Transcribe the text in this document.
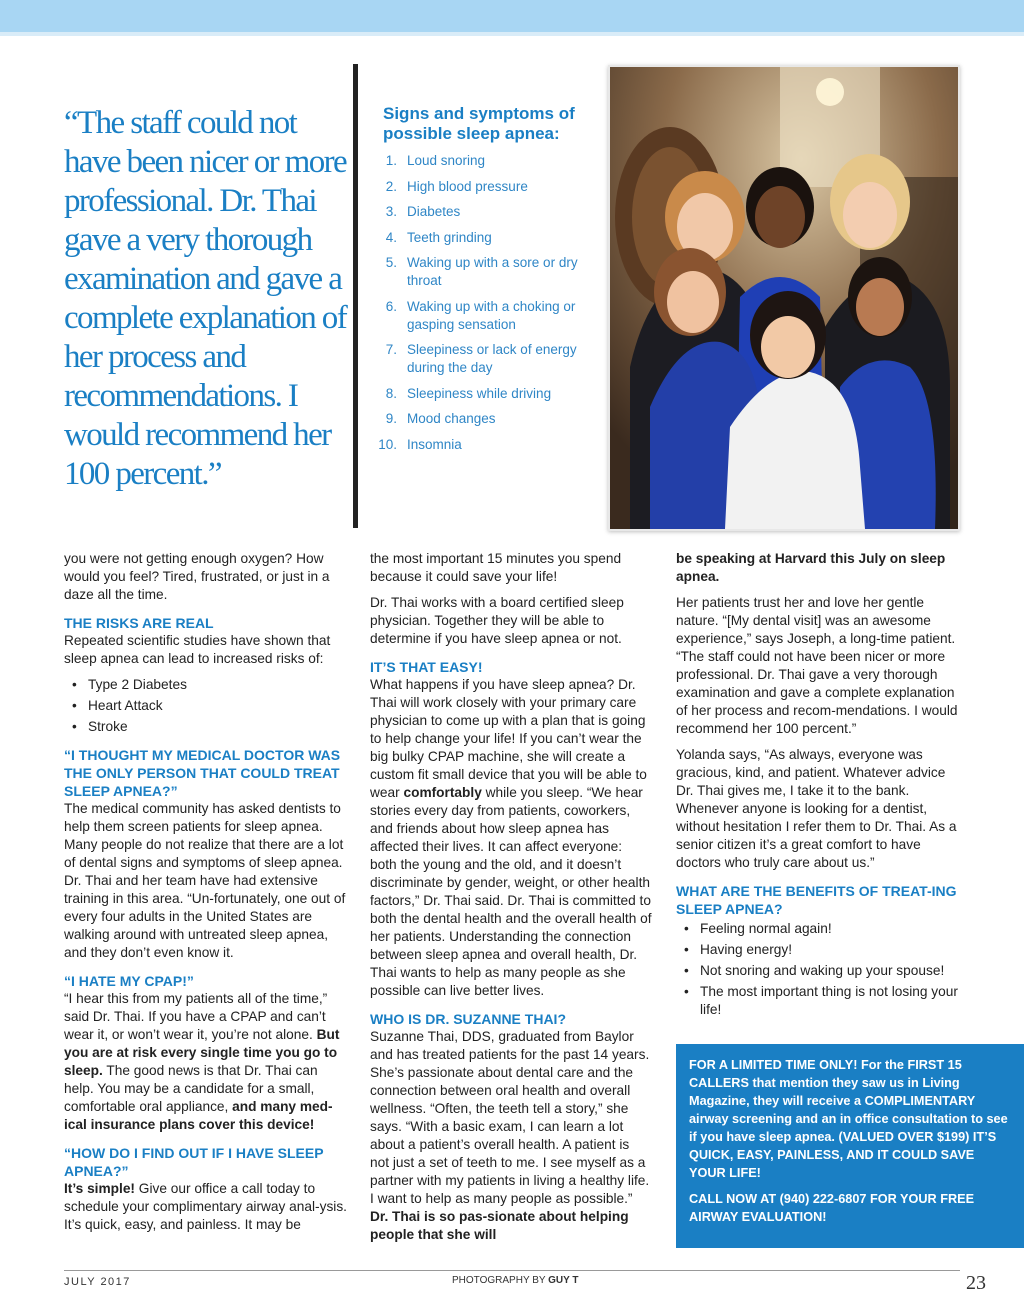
“The staff could not have been nicer or more professional. Dr. Thai gave a very thorough examination and gave a complete explanation of her process and recommendations. I would recommend her 100 percent.”
Signs and symptoms of possible sleep apnea:
1. Loud snoring
2. High blood pressure
3. Diabetes
4. Teeth grinding
5. Waking up with a sore or dry throat
6. Waking up with a choking or gasping sensation
7. Sleepiness or lack of energy during the day
8. Sleepiness while driving
9. Mood changes
10. Insomnia

you were not getting enough oxygen? How would you feel? Tired, frustrated, or just in a daze all the time.

THE RISKS ARE REAL

Repeated scientific studies have shown that sleep apnea can lead to increased risks of:

• Type 2 Diabetes
• Heart Attack
• Stroke
“I THOUGHT MY MEDICAL DOCTOR WAS THE ONLY PERSON THAT COULD TREAT SLEEP APNEA?”

The medical community has asked dentists to help them screen patients for sleep apnea. Many people do not realize that there are a lot of dental signs and symptoms of sleep apnea. Dr. Thai and her team have had extensive training in this area. “Un-fortunately, one out of every four adults in the United States are walking around with untreated sleep apnea, and they don’t even know it.

“I HATE MY CPAP!”

“I hear this from my patients all of the time,” said Dr. Thai. If you have a CPAP and can’t wear it, or won’t wear it, you’re not alone. But you are at risk every single time you go to sleep. The good news is that Dr. Thai can help. You may be a candidate for a small, comfortable oral appliance, and many med-ical insurance plans cover this device!

“HOW DO I FIND OUT IF I HAVE SLEEP APNEA?”

It’s simple! Give our office a call today to schedule your complimentary airway anal-ysis. It’s quick, easy, and painless. It may be

the most important 15 minutes you spend because it could save your life!

Dr. Thai works with a board certified sleep physician. Together they will be able to determine if you have sleep apnea or not.

IT’S THAT EASY!

What happens if you have sleep apnea? Dr. Thai will work closely with your primary care physician to come up with a plan that is going to help change your life! If you can’t wear the big bulky CPAP machine, she will create a custom fit small device that you will be able to wear comfortably while you sleep. “We hear stories every day from patients, coworkers, and friends about how sleep apnea has affected their lives. It can affect everyone: both the young and the old, and it doesn’t discriminate by gender, weight, or other health factors,” Dr. Thai said. Dr. Thai is committed to both the dental health and the overall health of her patients. Understanding the connection between sleep apnea and overall health, Dr. Thai wants to help as many people as she possible can live better lives.

WHO IS DR. SUZANNE THAI?

Suzanne Thai, DDS, graduated from Baylor and has treated patients for the past 14 years. She’s passionate about dental care and the connection between oral health and overall wellness. “Often, the teeth tell a story,” she says. “With a basic exam, I can learn a lot about a patient’s overall health. A patient is not just a set of teeth to me. I see myself as a partner with my patients in living a healthy life. I want to help as many people as possible.” Dr. Thai is so pas-sionate about helping people that she will

be speaking at Harvard this July on sleep apnea.

Her patients trust her and love her gentle nature. “[My dental visit] was an awesome experience,” says Joseph, a long-time patient. “The staff could not have been nicer or more professional. Dr. Thai gave a very thorough examination and gave a complete explanation of her process and recom-mendations. I would recommend her 100 percent.”

Yolanda says, “As always, everyone was gracious, kind, and patient. Whatever advice Dr. Thai gives me, I take it to the bank. Whenever anyone is looking for a dentist, without hesitation I refer them to Dr. Thai. As a senior citizen it’s a great comfort to have doctors who truly care about us.”

WHAT ARE THE BENEFITS OF TREAT-ING SLEEP APNEA?
• Feeling normal again!
• Having energy!
• Not snoring and waking up your spouse!
• The most important thing is not losing your life!

FOR A LIMITED TIME ONLY! For the FIRST 15 CALLERS that mention they saw us in Living Magazine, they will receive a COMPLIMENTARY airway screening and an in office consultation to see if you have sleep apnea. (VALUED OVER $199) IT’S QUICK, EASY, PAINLESS, AND IT COULD SAVE YOUR LIFE!

CALL NOW AT (940) 222-6807 FOR YOUR FREE AIRWAY EVALUATION!

JULY 2017	PHOTOGRAPHY BY GUY T	23
